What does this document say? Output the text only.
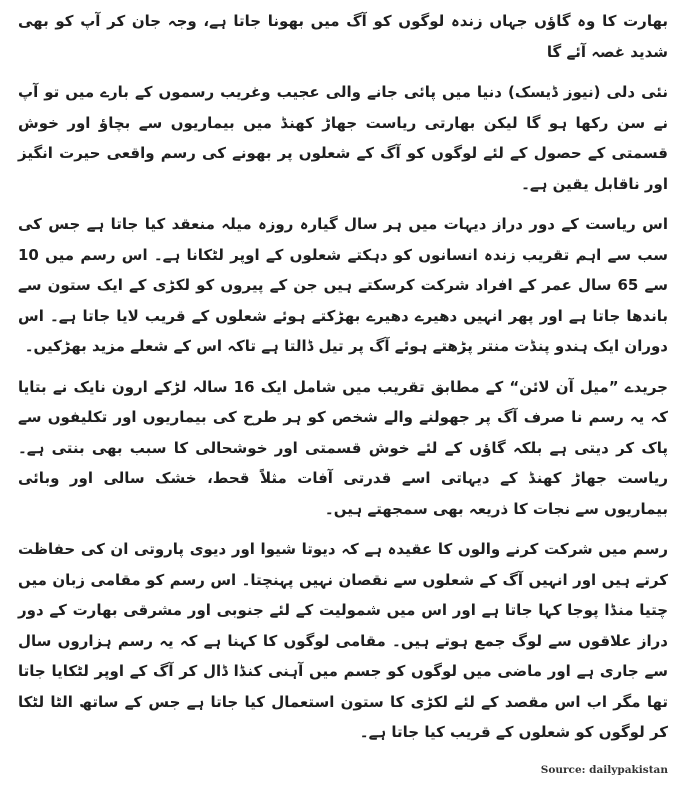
بھارت کا وہ گاؤں جہاں زندہ لوگوں کو آگ میں بھونا جاتا ہے، وجہ جان کر آپ کو بھی شدید غصہ آئے گا

نئی دلی (نیوز ڈیسک) دنیا میں پائی جانے والی عجیب وغریب رسموں کے بارے میں تو آپ نے سن رکھا ہو گا لیکن بھارتی ریاست جھاڑ کھنڈ میں بیماریوں سے بچاؤ اور خوش قسمتی کے حصول کے لئے لوگوں کو آگ کے شعلوں پر بھونے کی رسم واقعی حیرت انگیز اور ناقابل یقین ہے۔

اس ریاست کے دور دراز دیہات میں ہر سال گیارہ روزہ میلہ منعقد کیا جاتا ہے جس کی سب سے اہم تقریب زندہ انسانوں کو دہکتے شعلوں کے اوپر لٹکانا ہے۔ اس رسم میں 10 سے 65 سال عمر کے افراد شرکت کرسکتے ہیں جن کے پیروں کو لکڑی کے ایک ستون سے باندھا جاتا ہے اور پھر انہیں دھیرے دھیرے بھڑکتے ہوئے شعلوں کے قریب لایا جاتا ہے۔ اس دوران ایک ہندو پنڈت منتر پڑھتے ہوئے آگ پر تیل ڈالتا ہے تاکہ اس کے شعلے مزید بھڑکیں۔

جریدے ”میل آن لائن“ کے مطابق تقریب میں شامل ایک 16 سالہ لڑکے ارون نایک نے بتایا کہ یہ رسم نا صرف آگ پر جھولنے والے شخص کو ہر طرح کی بیماریوں اور تکلیفوں سے پاک کر دیتی ہے بلکہ گاؤں کے لئے خوش قسمتی اور خوشحالی کا سبب بھی بنتی ہے۔ ریاست جھاڑ کھنڈ کے دیہاتی اسے قدرتی آفات مثلاً قحط، خشک سالی اور وبائی بیماریوں سے نجات کا ذریعہ بھی سمجھتے ہیں۔

رسم میں شرکت کرنے والوں کا عقیدہ ہے کہ دیوتا شیوا اور دیوی پاروتی ان کی حفاظت کرتے ہیں اور انہیں آگ کے شعلوں سے نقصان نہیں پہنچتا۔ اس رسم کو مقامی زبان میں چتیا منڈا پوجا کہا جاتا ہے اور اس میں شمولیت کے لئے جنوبی اور مشرقی بھارت کے دور دراز علاقوں سے لوگ جمع ہوتے ہیں۔ مقامی لوگوں کا کہنا ہے کہ یہ رسم ہزاروں سال سے جاری ہے اور ماضی میں لوگوں کو جسم میں آہنی کنڈا ڈال کر آگ کے اوپر لٹکایا جاتا تھا مگر اب اس مقصد کے لئے لکڑی کا ستون استعمال کیا جاتا ہے جس کے ساتھ الٹا لٹکا کر لوگوں کو شعلوں کے قریب کیا جاتا ہے۔

Source: dailypakistan
